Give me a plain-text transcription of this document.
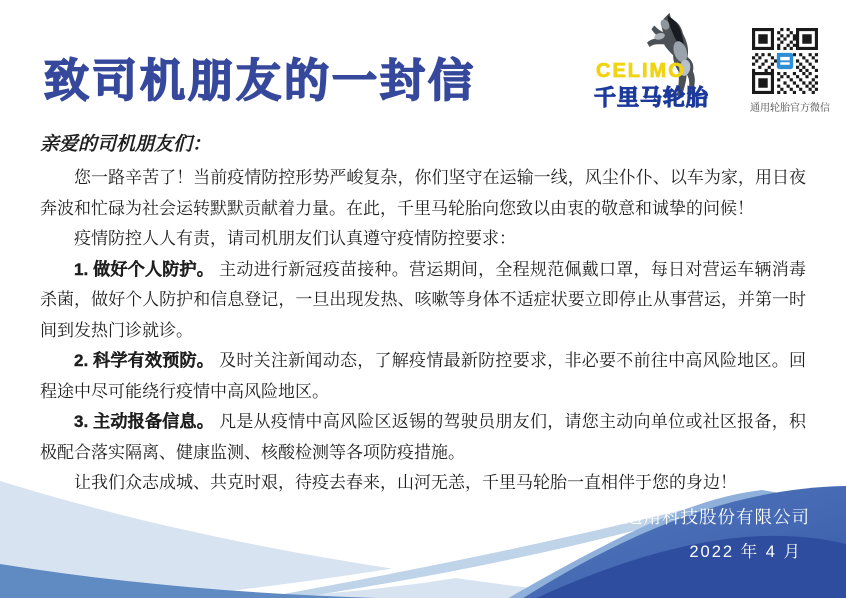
致司机朋友的一封信	CELIMO
千里马轮胎	通用轮胎官方微信
亲爱的司机朋友们：

您一路辛苦了！当前疫情防控形势严峻复杂，你们坚守在运输一线，风尘仆仆、以车为家，用日夜奔波和忙碌为社会运转默默贡献着力量。在此，千里马轮胎向您致以由衷的敬意和诚挚的问候！

疫情防控人人有责，请司机朋友们认真遵守疫情防控要求：

1. 做好个人防护。 主动进行新冠疫苗接种。营运期间，全程规范佩戴口罩，每日对营运车辆消毒杀菌，做好个人防护和信息登记，一旦出现发热、咳嗽等身体不适症状要立即停止从事营运，并第一时间到发热门诊就诊。

2. 科学有效预防。 及时关注新闻动态，了解疫情最新防控要求，非必要不前往中高风险地区。回程途中尽可能绕行疫情中高风险地区。

3. 主动报备信息。 凡是从疫情中高风险区返锡的驾驶员朋友们，请您主动向单位或社区报备，积极配合落实隔离、健康监测、核酸检测等各项防疫措施。

让我们众志成城、共克时艰，待疫去春来，山河无恙，千里马轮胎一直相伴于您的身边！

江苏通用科技股份有限公司
2022 年 4 月
